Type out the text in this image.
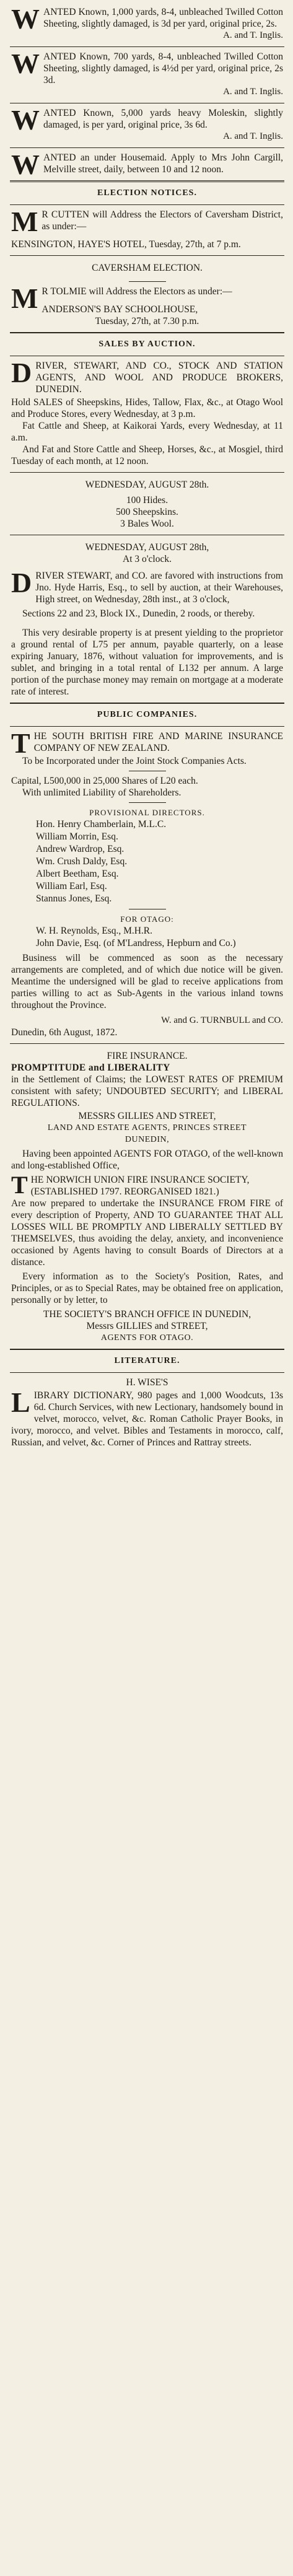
WANTED Known, 1,000 yards, 8-4, unbleached Twilled Cotton Sheeting, slightly damaged, is 3d per yard, original price, 2s.

A. and T. Inglis.

WANTED Known, 700 yards, 8-4, unbleached Twilled Cotton Sheeting, slightly damaged, is 4½d per yard, original price, 2s 3d.

A. and T. Inglis.

WANTED Known, 5,000 yards heavy Moleskin, slightly damaged, is per yard, original price, 3s 6d.

A. and T. Inglis.

WANTED an under Housemaid. Apply to Mrs John Cargill, Melville street, daily, between 10 and 12 noon.

ELECTION NOTICES.

M R CUTTEN will Address the Electors of Caversham District, as under:—

KENSINGTON, HAYE'S HOTEL, Tuesday, 27th, at 7 p.m.

CAVERSHAM ELECTION.

M R TOLMIE will Address the Electors as under:—

ANDERSON'S BAY SCHOOLHOUSE,

Tuesday, 27th, at 7.30 p.m.

SALES BY AUCTION.

DRIVER, STEWART, AND CO., STOCK AND STATION AGENTS, AND WOOL AND PRODUCE BROKERS, DUNEDIN.

Hold SALES of Sheepskins, Hides, Tallow, Flax, &c., at Otago Wool and Produce Stores, every Wednesday, at 3 p.m.

Fat Cattle and Sheep, at Kaikorai Yards, every Wednesday, at 11 a.m.

And Fat and Store Cattle and Sheep, Horses, &c., at Mosgiel, third Tuesday of each month, at 12 noon.

WEDNESDAY, AUGUST 28th.

100 Hides.

500 Sheepskins.

3 Bales Wool.

WEDNESDAY, AUGUST 28th,

At 3 o'clock.

DRIVER STEWART, and CO. are favored with instructions from Jno. Hyde Harris, Esq., to sell by auction, at their Warehouses, High street, on Wednesday, 28th inst., at 3 o'clock,

Sections 22 and 23, Block IX., Dunedin, 2 roods, or thereby.

This very desirable property is at present yielding to the proprietor a ground rental of L75 per annum, payable quarterly, on a lease expiring January, 1876, without valuation for improvements, and is sublet, and bringing in a total rental of L132 per annum. A large portion of the purchase money may remain on mortgage at a moderate rate of interest.

PUBLIC COMPANIES.

THE SOUTH BRITISH FIRE AND MARINE INSURANCE COMPANY OF NEW ZEALAND.

To be Incorporated under the Joint Stock Companies Acts.

Capital, L500,000 in 25,000 Shares of L20 each.

With unlimited Liability of Shareholders.

PROVISIONAL DIRECTORS.

Hon. Henry Chamberlain, M.L.C.

William Morrin, Esq.

Andrew Wardrop, Esq.

Wm. Crush Daldy, Esq.

Albert Beetham, Esq.

William Earl, Esq.

Stannus Jones, Esq.

FOR OTAGO:

W. H. Reynolds, Esq., M.H.R.

John Davie, Esq. (of M'Landress, Hepburn and Co.)

Business will be commenced as soon as the necessary arrangements are completed, and of which due notice will be given. Meantime the undersigned will be glad to receive applications from parties willing to act as Sub-Agents in the various inland towns throughout the Province.

W. and G. TURNBULL and CO.

Dunedin, 6th August, 1872.

FIRE INSURANCE.

PROMPTITUDE and LIBERALITY

in the Settlement of Claims; the LOWEST RATES OF PREMIUM consistent with safety; UNDOUBTED SECURITY; and LIBERAL REGULATIONS.

MESSRS GILLIES AND STREET,

LAND AND ESTATE AGENTS, PRINCES STREET

DUNEDIN,

Having been appointed AGENTS FOR OTAGO, of the well-known and long-established Office,

THE NORWICH UNION FIRE INSURANCE SOCIETY,

(ESTABLISHED 1797. REORGANISED 1821.)

Are now prepared to undertake the INSURANCE FROM FIRE of every description of Property, AND TO GUARANTEE THAT ALL LOSSES WILL BE PROMPTLY AND LIBERALLY SETTLED BY THEMSELVES, thus avoiding the delay, anxiety, and inconvenience occasioned by Agents having to consult Boards of Directors at a distance.

Every information as to the Society's Position, Rates, and Principles, or as to Special Rates, may be obtained free on application, personally or by letter, to

THE SOCIETY'S BRANCH OFFICE IN DUNEDIN,

Messrs GILLIES and STREET,

AGENTS FOR OTAGO.

LITERATURE.

H. WISE'S

LIBRARY DICTIONARY, 980 pages and 1,000 Woodcuts, 13s 6d. Church Services, with new Lectionary, handsomely bound in velvet, morocco, velvet, &c. Roman Catholic Prayer Books, in ivory, morocco, and velvet. Bibles and Testaments in morocco, calf, Russian, and velvet, &c. Corner of Princes and Rattray streets.
